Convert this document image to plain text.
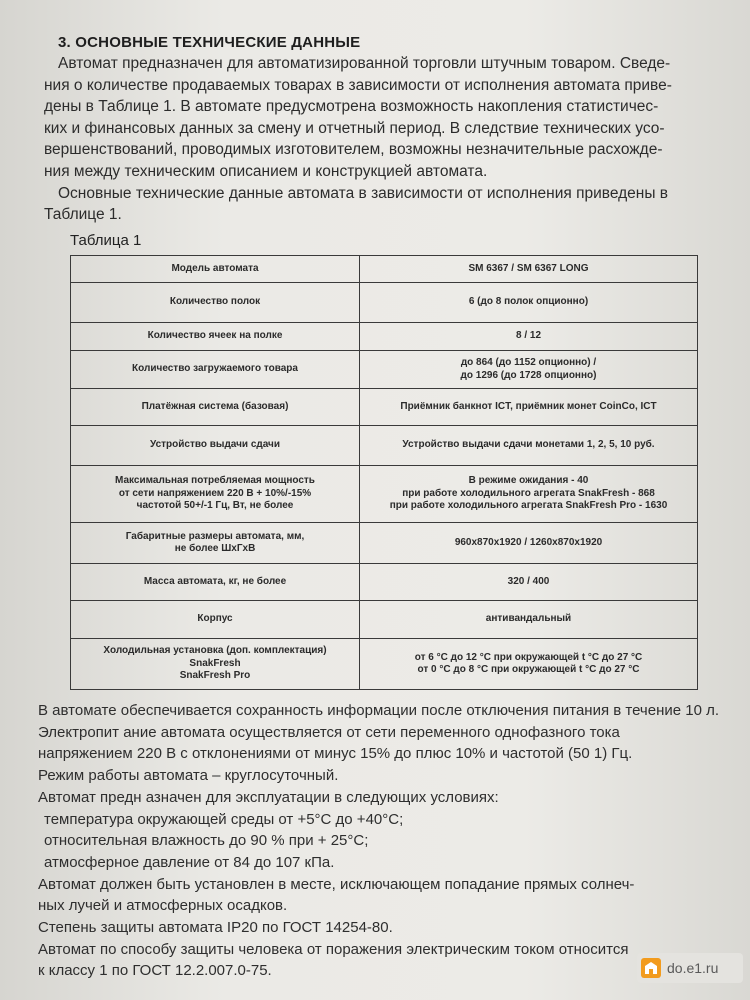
3. ОСНОВНЫЕ ТЕХНИЧЕСКИЕ ДАННЫЕ

Автомат предназначен для автоматизированной торговли штучным товаром. Сведе-

ния о количестве продаваемых товарах в зависимости от исполнения автомата приве-

дены в Таблице 1. В автомате предусмотрена возможность накопления статистичес-

ких и финансовых данных за смену и отчетный период. В следствие технических усо-

вершенствований, проводимых изготовителем, возможны незначительные расхожде-

ния между техническим описанием и конструкцией автомата.

Основные технические данные автомата в зависимости от исполнения приведены в

Таблице 1.

Таблица 1
Модель автомата	SM 6367 / SM 6367 LONG

Количество полок	6 (до 8 полок опционно)

Количество ячеек на полке	8 / 12

Количество загружаемого товара	до 864 (до 1152 опционно) /
до 1296 (до 1728 опционно)

Платёжная система (базовая)	Приёмник банкнот ICT, приёмник монет CoinCo, ICT

Устройство выдачи сдачи	Устройство выдачи сдачи монетами 1, 2, 5, 10 руб.

Максимальная потребляемая мощность
от сети напряжением 220 В + 10%/-15%
частотой 50+/-1 Гц, Вт, не более	В режиме ожидания - 40
при работе холодильного агрегата SnakFresh - 868
при работе холодильного агрегата SnakFresh Pro - 1630

Габаритные размеры автомата, мм,
не более ШхГхВ	960x870x1920 / 1260x870x1920

Масса автомата, кг, не более	320 / 400

Корпус	антивандальный

Холодильная установка (доп. комплектация)
SnakFresh
SnakFresh Pro	от 6 °С до 12 °С при окружающей t °С до 27 °С
от 0 °С до 8 °С при окружающей t °С до 27 °С

В автомате обеспечивается сохранность информации после отключения питания в течение 10 л.

Электропит ание автомата осуществляется от сети переменного однофазного тока

напряжением 220 В с отклонениями от минус 15% до плюс 10% и частотой (50 1) Гц.

Режим работы автомата – круглосуточный.

Автомат предн азначен для эксплуатации в следующих условиях:

температура окружающей среды от +5°С до +40°С;

относительная влажность до 90 % при + 25°С;

атмосферное давление от 84 до 107 кПа.

Автомат должен быть установлен в месте, исключающем попадание прямых солнеч-

ных лучей и атмосферных осадков.

Степень защиты автомата IP20 по ГОСТ 14254-80.

Автомат по способу защиты человека от поражения электрическим током относится

к классу 1 по ГОСТ 12.2.007.0-75.	do.e1.ru
